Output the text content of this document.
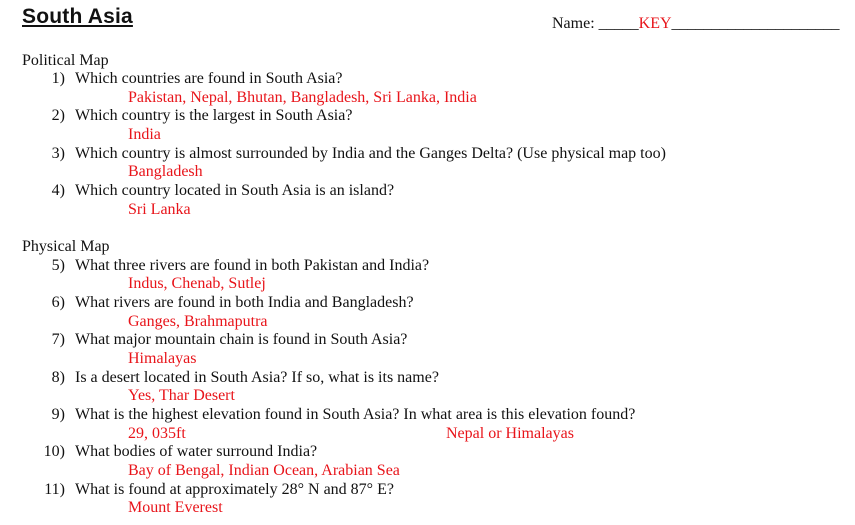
South Asia	Name: _____KEY_____________________
Political Map
1) Which countries are found in South Asia?
Pakistan, Nepal, Bhutan, Bangladesh, Sri Lanka, India
2) Which country is the largest in South Asia?
India
3) Which country is almost surrounded by India and the Ganges Delta? (Use physical map too)
Bangladesh
4) Which country located in South Asia is an island?
Sri Lanka
Physical Map
5) What three rivers are found in both Pakistan and India?
Indus, Chenab, Sutlej
6) What rivers are found in both India and Bangladesh?
Ganges, Brahmaputra
7) What major mountain chain is found in South Asia?
Himalayas
8) Is a desert located in South Asia? If so, what is its name?
Yes, Thar Desert
9) What is the highest elevation found in South Asia? In what area is this elevation found?
29, 035ft	Nepal or Himalayas
10) What bodies of water surround India?
Bay of Bengal, Indian Ocean, Arabian Sea
11) What is found at approximately 28° N and 87° E?
Mount Everest
